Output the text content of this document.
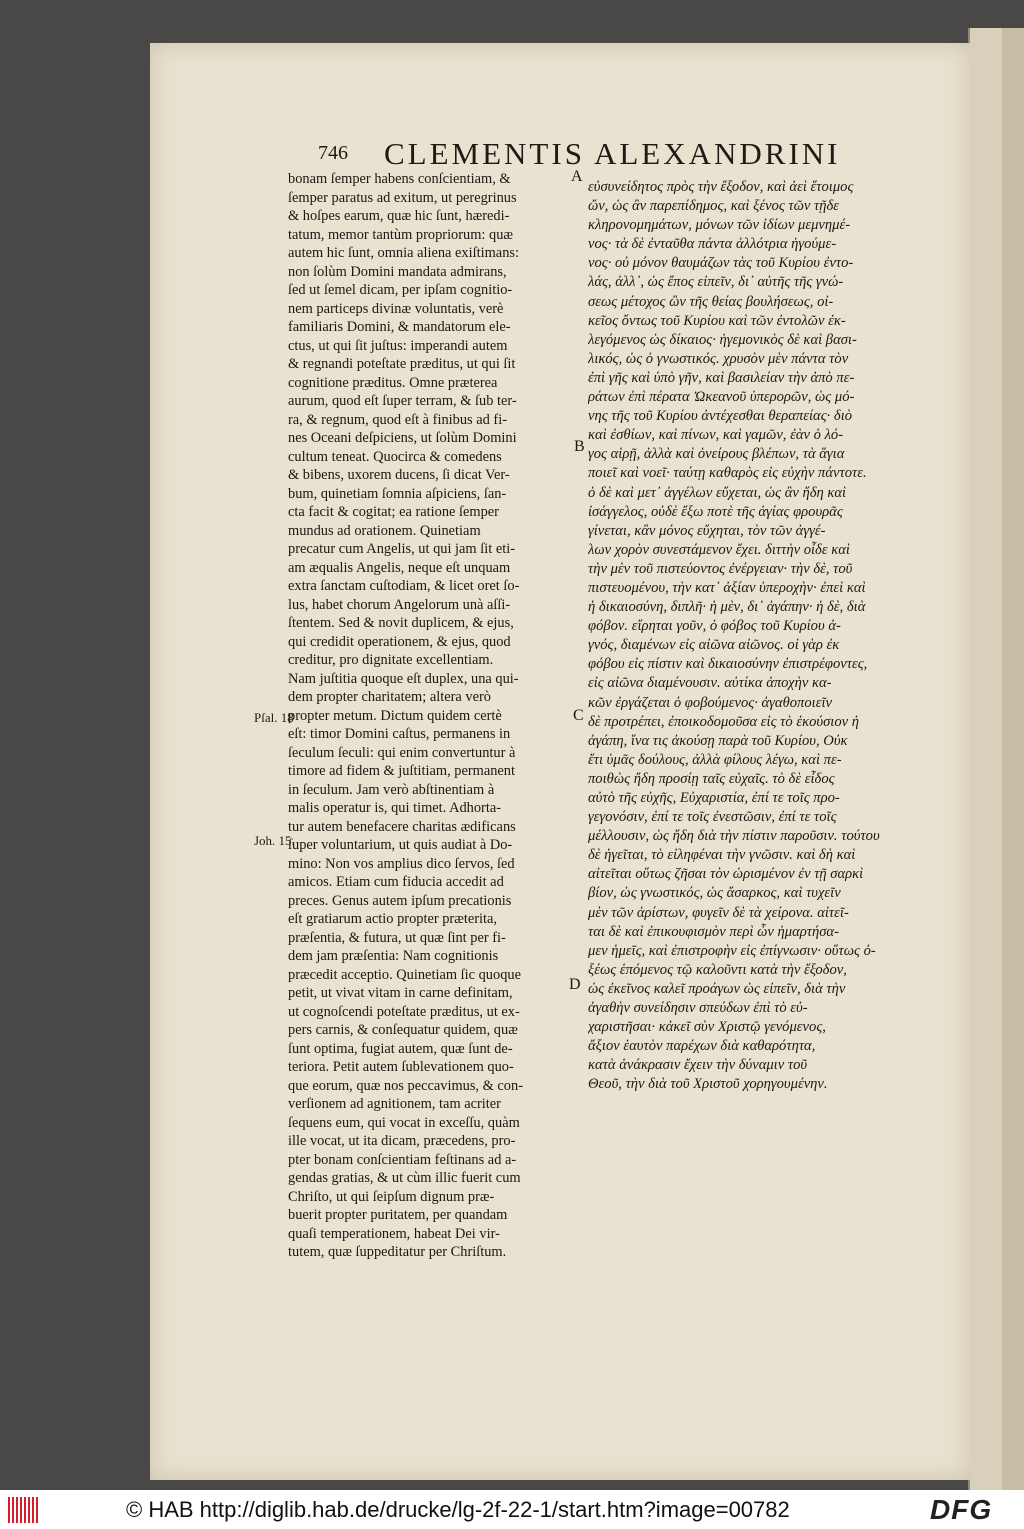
746 CLEMENTIS ALEXANDRINI
bonam ſemper habens conſcientiam, &
ſemper paratus ad exitum, ut peregrinus
& hoſpes earum, quæ hic ſunt, hæredi-
tatum, memor tantùm propriorum: quæ
autem hic ſunt, omnia aliena exiſtimans:
non ſolùm Domini mandata admirans,
ſed ut ſemel dicam, per ipſam cognitio-
nem particeps divinæ voluntatis, verè
familiaris Domini, & mandatorum ele-
ctus, ut qui ſit juſtus: imperandi autem
& regnandi poteſtate præditus, ut qui ſit
cognitione præditus. Omne præterea
aurum, quod eſt ſuper terram, & ſub ter-
ra, & regnum, quod eſt à finibus ad fi-
nes Oceani deſpiciens, ut ſolùm Domini
cultum teneat. Quocirca & comedens
& bibens, uxorem ducens, ſi dicat Ver-
bum, quinetiam ſomnia aſpiciens, ſan-
cta facit & cogitat; ea ratione ſemper
mundus ad orationem. Quinetiam
precatur cum Angelis, ut qui jam ſit eti-
am æqualis Angelis, neque eſt unquam
extra ſanctam cuſtodiam, & licet oret ſo-
lus, habet chorum Angelorum unà aſſi-
ſtentem. Sed & novit duplicem, & ejus,
qui credidit operationem, & ejus, quod
creditur, pro dignitate excellentiam.
Nam juſtitia quoque eſt duplex, una qui-
dem propter charitatem; altera verò
propter metum. Dictum quidem certè
eſt: timor Domini caſtus, permanens in
ſeculum ſeculi: qui enim convertuntur à
timore ad fidem & juſtitiam, permanent
in ſeculum. Jam verò abſtinentiam à
malis operatur is, qui timet. Adhorta-
tur autem benefacere charitas ædificans
ſuper voluntarium, ut quis audiat à Do-
mino: Non vos amplius dico ſervos, ſed
amicos. Etiam cum fiducia accedit ad
preces. Genus autem ipſum precationis
eſt gratiarum actio propter præterita,
præſentia, & futura, ut quæ ſint per fi-
dem jam præſentia: Nam cognitionis
præcedit acceptio. Quinetiam ſic quoque
petit, ut vivat vitam in carne definitam,
ut cognoſcendi poteſtate præditus, ut ex-
pers carnis, & conſequatur quidem, quæ
ſunt optima, fugiat autem, quæ ſunt de-
teriora. Petit autem ſublevationem quo-
que eorum, quæ nos peccavimus, & con-
verſionem ad agnitionem, tam acriter
ſequens eum, qui vocat in exceſſu, quàm
ille vocat, ut ita dicam, præcedens, pro-
pter bonam conſcientiam feſtinans ad a-
gendas gratias, & ut cùm illic fuerit cum
Chriſto, ut qui ſeipſum dignum præ-
buerit propter puritatem, per quandam
quaſi temperationem, habeat Dei vir-
tutem, quæ ſuppeditatur per Chriſtum.
εὐσυνείδητος πρὸς τὴν ἔξοδον, καὶ ἀεὶ ἕτοιμος
ὤν, ὡς ἂν παρεπίδημος, καὶ ξένος τῶν τῇδε
κληρονομημάτων, μόνων τῶν ἰδίων μεμνημέ-
νος· τὰ δὲ ἐνταῦθα πάντα ἀλλότρια ἡγούμε-
νος· οὐ μόνον θαυμάζων τὰς τοῦ Κυρίου ἐντο-
λάς, ἀλλ᾽, ὡς ἔπος εἰπεῖν, δι᾽ αὐτῆς τῆς γνώ-
σεως μέτοχος ὢν τῆς θείας βουλήσεως, οἰ-
κεῖος ὄντως τοῦ Κυρίου καὶ τῶν ἐντολῶν ἐκ-
λεγόμενος ὡς δίκαιος· ἡγεμονικὸς δὲ καὶ βασι-
λικός, ὡς ὁ γνωστικός. χρυσὸν μὲν πάντα τὸν
ἐπὶ γῆς καὶ ὑπὸ γῆν, καὶ βασιλείαν τὴν ἀπὸ πε-
ράτων ἐπὶ πέρατα Ὠκεανοῦ ὑπερορῶν, ὡς μό-
νης τῆς τοῦ Κυρίου ἀντέχεσθαι θεραπείας· διὸ
καὶ ἐσθίων, καὶ πίνων, καὶ γαμῶν, ἐὰν ὁ λό-
γος αἱρῇ, ἀλλὰ καὶ ὀνείρους βλέπων, τὰ ἅγια
ποιεῖ καὶ νοεῖ· ταύτῃ καθαρὸς εἰς εὐχὴν πάντοτε.
ὁ δὲ καὶ μετ᾽ ἀγγέλων εὔχεται, ὡς ἂν ἤδη καὶ
ἰσάγγελος, οὐδὲ ἔξω ποτὲ τῆς ἁγίας φρουρᾶς
γίνεται, κἂν μόνος εὔχηται, τὸν τῶν ἀγγέ-
λων χορὸν συνεστάμενον ἔχει. διττὴν οἶδε καὶ
τὴν μὲν τοῦ πιστεύοντος ἐνέργειαν· τὴν δὲ, τοῦ
πιστευομένου, τὴν κατ᾽ ἀξίαν ὑπεροχὴν· ἐπεὶ καὶ
ἡ δικαιοσύνη, διπλῆ· ἡ μὲν, δι᾽ ἀγάπην· ἡ δὲ, διὰ
φόβον. εἴρηται γοῦν, ὁ φόβος τοῦ Κυρίου ἁ-
γνός, διαμένων εἰς αἰῶνα αἰῶνος. οἱ γὰρ ἐκ
φόβου εἰς πίστιν καὶ δικαιοσύνην ἐπιστρέφοντες,
εἰς αἰῶνα διαμένουσιν. αὐτίκα ἀποχὴν κα-
κῶν ἐργάζεται ὁ φοβούμενος· ἀγαθοποιεῖν
δὲ προτρέπει, ἐποικοδομοῦσα εἰς τὸ ἑκούσιον ἡ
ἀγάπη, ἵνα τις ἀκούσῃ παρὰ τοῦ Κυρίου, Οὐκ
ἔτι ὑμᾶς δούλους, ἀλλὰ φίλους λέγω, καὶ πε-
ποιθὼς ἤδη προσίῃ ταῖς εὐχαῖς. τὸ δὲ εἶδος
αὐτὸ τῆς εὐχῆς, Εὐχαριστία, ἐπί τε τοῖς προ-
γεγονόσιν, ἐπί τε τοῖς ἐνεστῶσιν, ἐπί τε τοῖς
μέλλουσιν, ὡς ἤδη διὰ τὴν πίστιν παροῦσιν. τούτου
δὲ ἡγεῖται, τὸ εἰληφέναι τὴν γνῶσιν. καὶ δὴ καὶ
αἰτεῖται οὕτως ζῆσαι τὸν ὡρισμένον ἐν τῇ σαρκὶ
βίον, ὡς γνωστικός, ὡς ἄσαρκος, καὶ τυχεῖν
μὲν τῶν ἀρίστων, φυγεῖν δὲ τὰ χείρονα. αἰτεῖ-
ται δὲ καὶ ἐπικουφισμὸν περὶ ὧν ἡμαρτήσα-
μεν ἡμεῖς, καὶ ἐπιστροφὴν εἰς ἐπίγνωσιν· οὕτως ὀ-
ξέως ἑπόμενος τῷ καλοῦντι κατὰ τὴν ἔξοδον,
ὡς ἐκεῖνος καλεῖ προάγων ὡς εἰπεῖν, διὰ τὴν
ἀγαθὴν συνείδησιν σπεύδων ἐπὶ τὸ εὐ-
χαριστῆσαι· κἀκεῖ σὺν Χριστῷ γενόμενος,
ἄξιον ἑαυτὸν παρέχων διὰ καθαρότητα,
κατὰ ἀνάκρασιν ἔχειν τὴν δύναμιν τοῦ
Θεοῦ, τὴν διὰ τοῦ Χριστοῦ χορηγουμένην.
A
B
C
D
Pſal. 18
Joh. 15.
© HAB http://diglib.hab.de/drucke/lg-2f-22-1/start.htm?image=00782	DFG
